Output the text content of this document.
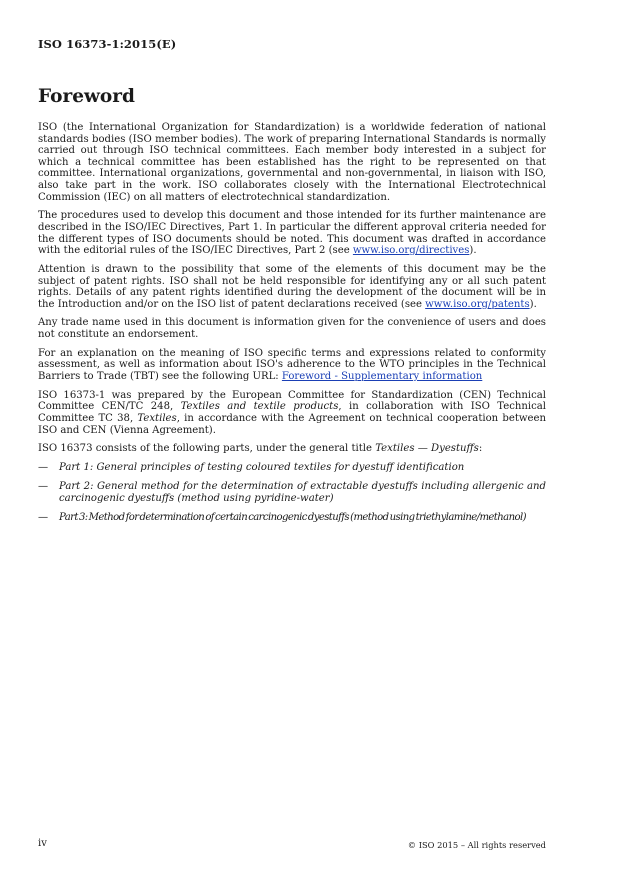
ISO 16373-1:2015(E)
Foreword

ISO (the International Organization for Standardization) is a worldwide federation of national standards bodies (ISO member bodies). The work of preparing International Standards is normally carried out through ISO technical committees. Each member body interested in a subject for which a technical committee has been established has the right to be represented on that committee. International organizations, governmental and non-governmental, in liaison with ISO, also take part in the work. ISO collaborates closely with the International Electrotechnical Commission (IEC) on all matters of electrotechnical standardization.

The procedures used to develop this document and those intended for its further maintenance are described in the ISO/IEC Directives, Part 1. In particular the different approval criteria needed for the different types of ISO documents should be noted. This document was drafted in accordance with the editorial rules of the ISO/IEC Directives, Part 2 (see www.iso.org/directives).

Attention is drawn to the possibility that some of the elements of this document may be the subject of patent rights. ISO shall not be held responsible for identifying any or all such patent rights. Details of any patent rights identified during the development of the document will be in the Introduction and/or on the ISO list of patent declarations received (see www.iso.org/patents).

Any trade name used in this document is information given for the convenience of users and does not constitute an endorsement.

For an explanation on the meaning of ISO specific terms and expressions related to conformity assessment, as well as information about ISO's adherence to the WTO principles in the Technical Barriers to Trade (TBT) see the following URL: Foreword - Supplementary information

ISO 16373-1 was prepared by the European Committee for Standardization (CEN) Technical Committee CEN/TC 248, Textiles and textile products, in collaboration with ISO Technical Committee TC 38, Textiles, in accordance with the Agreement on technical cooperation between ISO and CEN (Vienna Agreement).

ISO 16373 consists of the following parts, under the general title Textiles — Dyestuffs:

— Part 1: General principles of testing coloured textiles for dyestuff identification
— Part 2: General method for the determination of extractable dyestuffs including allergenic and carcinogenic dyestuffs (method using pyridine-water)
— Part 3: Method for determination of certain carcinogenic dyestuffs (method using triethylamine/methanol)
iv	© ISO 2015 – All rights reserved
